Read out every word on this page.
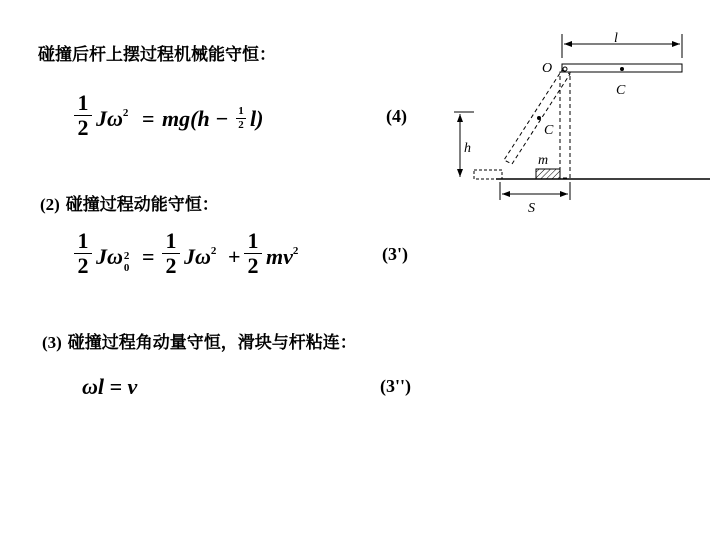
碰撞后杆上摆过程机械能守恒：
1
2 $J\omega^2 = mg(h - 1$
2 l)	(4)
(2) 碰撞过程动能守恒：
1
2 Jω 2
0 =
1
2 $J\omega^2$ +
1
2 $mv^2$	(3')
(3) 碰撞过程角动量守恒，滑块与杆粘连：
ωl = v	(3'')
l
C
O
C
m
h
S
